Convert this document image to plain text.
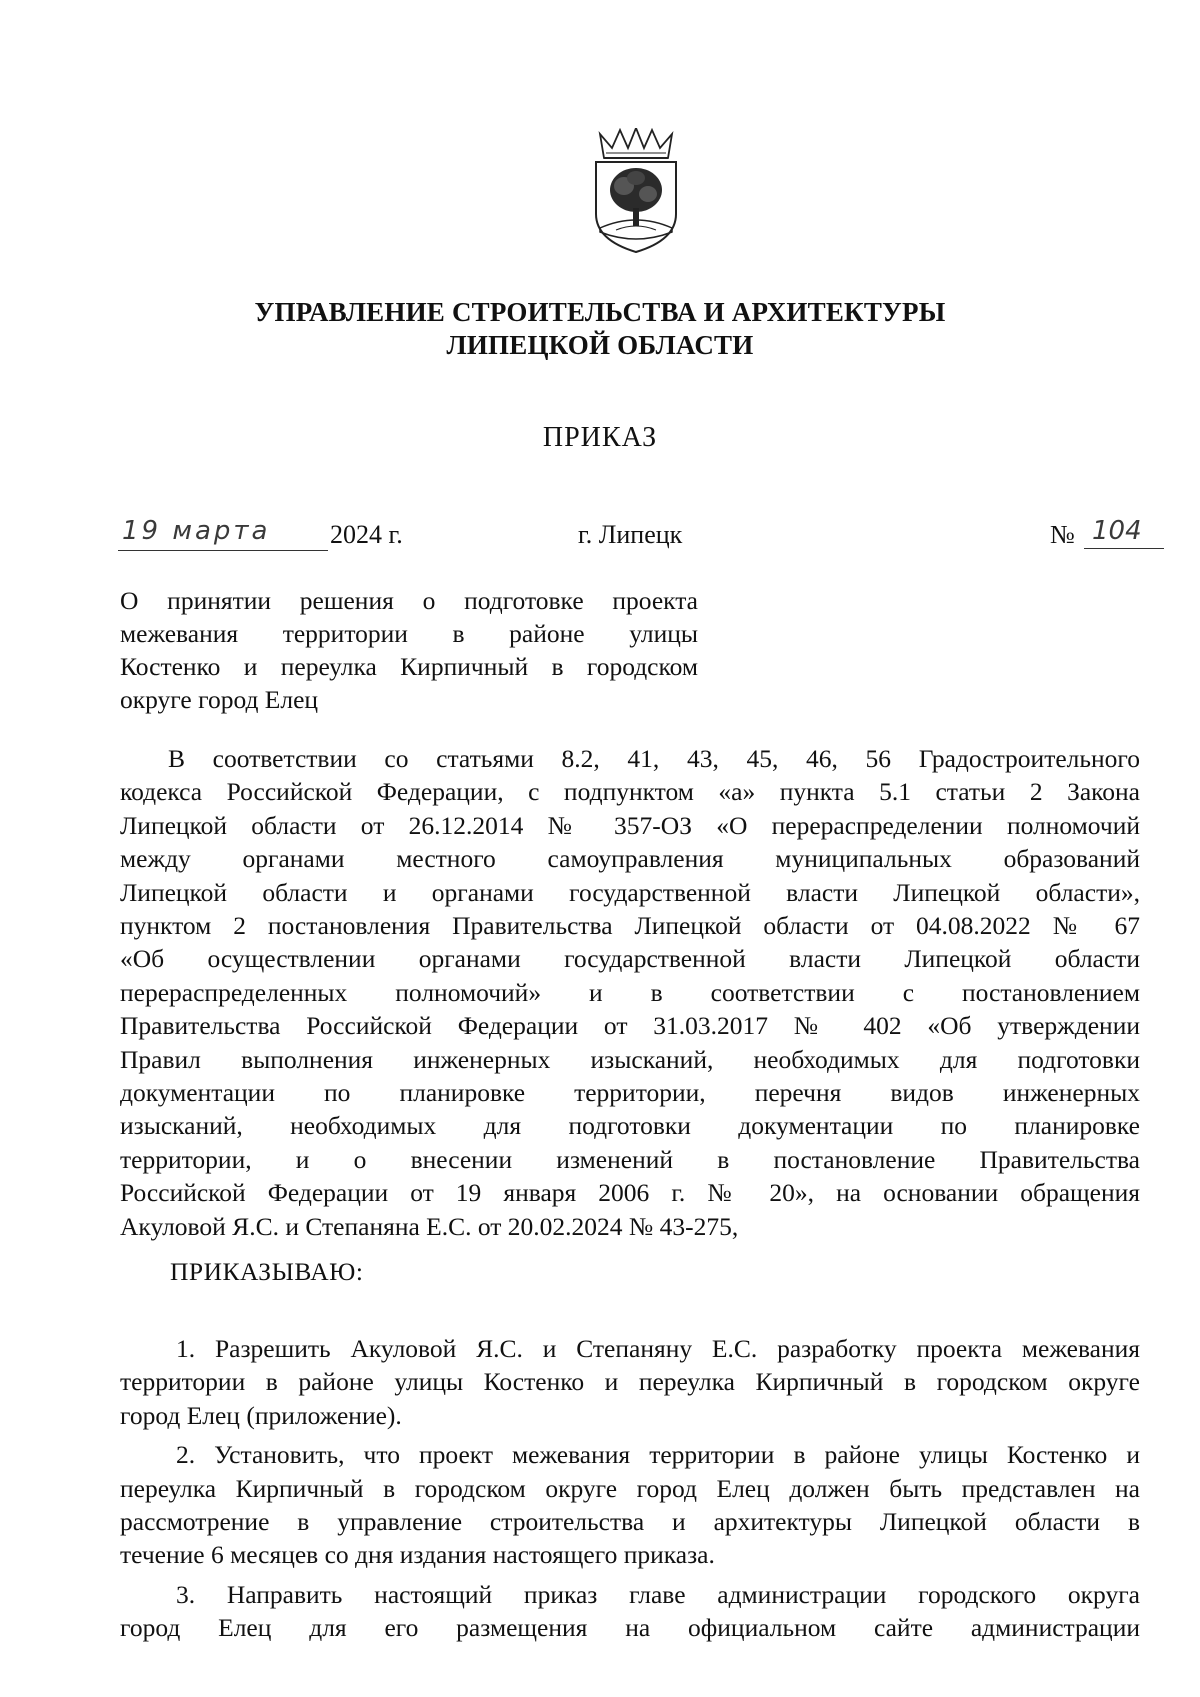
УПРАВЛЕНИЕ СТРОИТЕЛЬСТВА И АРХИТЕКТУРЫ
ЛИПЕЦКОЙ ОБЛАСТИ
ПРИКАЗ
19 марта 2024 г.	г. Липецк	№ 104
О принятии решения о подготовке проекта
межевания территории в районе улицы
Костенко и переулка Кирпичный в городском
округе город Елец
В соответствии со статьями 8.2, 41, 43, 45, 46, 56 Градостроительного
кодекса Российской Федерации, с подпунктом «а» пункта 5.1 статьи 2 Закона
Липецкой области от 26.12.2014 № 357-ОЗ «О перераспределении полномочий
между органами местного самоуправления муниципальных образований
Липецкой области и органами государственной власти Липецкой области»,
пунктом 2 постановления Правительства Липецкой области от 04.08.2022 № 67
«Об осуществлении органами государственной власти Липецкой области
перераспределенных полномочий» и в соответствии с постановлением
Правительства Российской Федерации от 31.03.2017 № 402 «Об утверждении
Правил выполнения инженерных изысканий, необходимых для подготовки
документации по планировке территории, перечня видов инженерных
изысканий, необходимых для подготовки документации по планировке
территории, и о внесении изменений в постановление Правительства
Российской Федерации от 19 января 2006 г. № 20», на основании обращения
Акуловой Я.С. и Степаняна Е.С. от 20.02.2024 № 43-275,
ПРИКАЗЫВАЮ:
1. Разрешить Акуловой Я.С. и Степаняну Е.С. разработку проекта межевания
территории в районе улицы Костенко и переулка Кирпичный в городском округе
город Елец (приложение).
2. Установить, что проект межевания территории в районе улицы Костенко и
переулка Кирпичный в городском округе город Елец должен быть представлен на
рассмотрение в управление строительства и архитектуры Липецкой области в
течение 6 месяцев со дня издания настоящего приказа.
3. Направить настоящий приказ главе администрации городского округа
город Елец для его размещения на официальном сайте администрации
